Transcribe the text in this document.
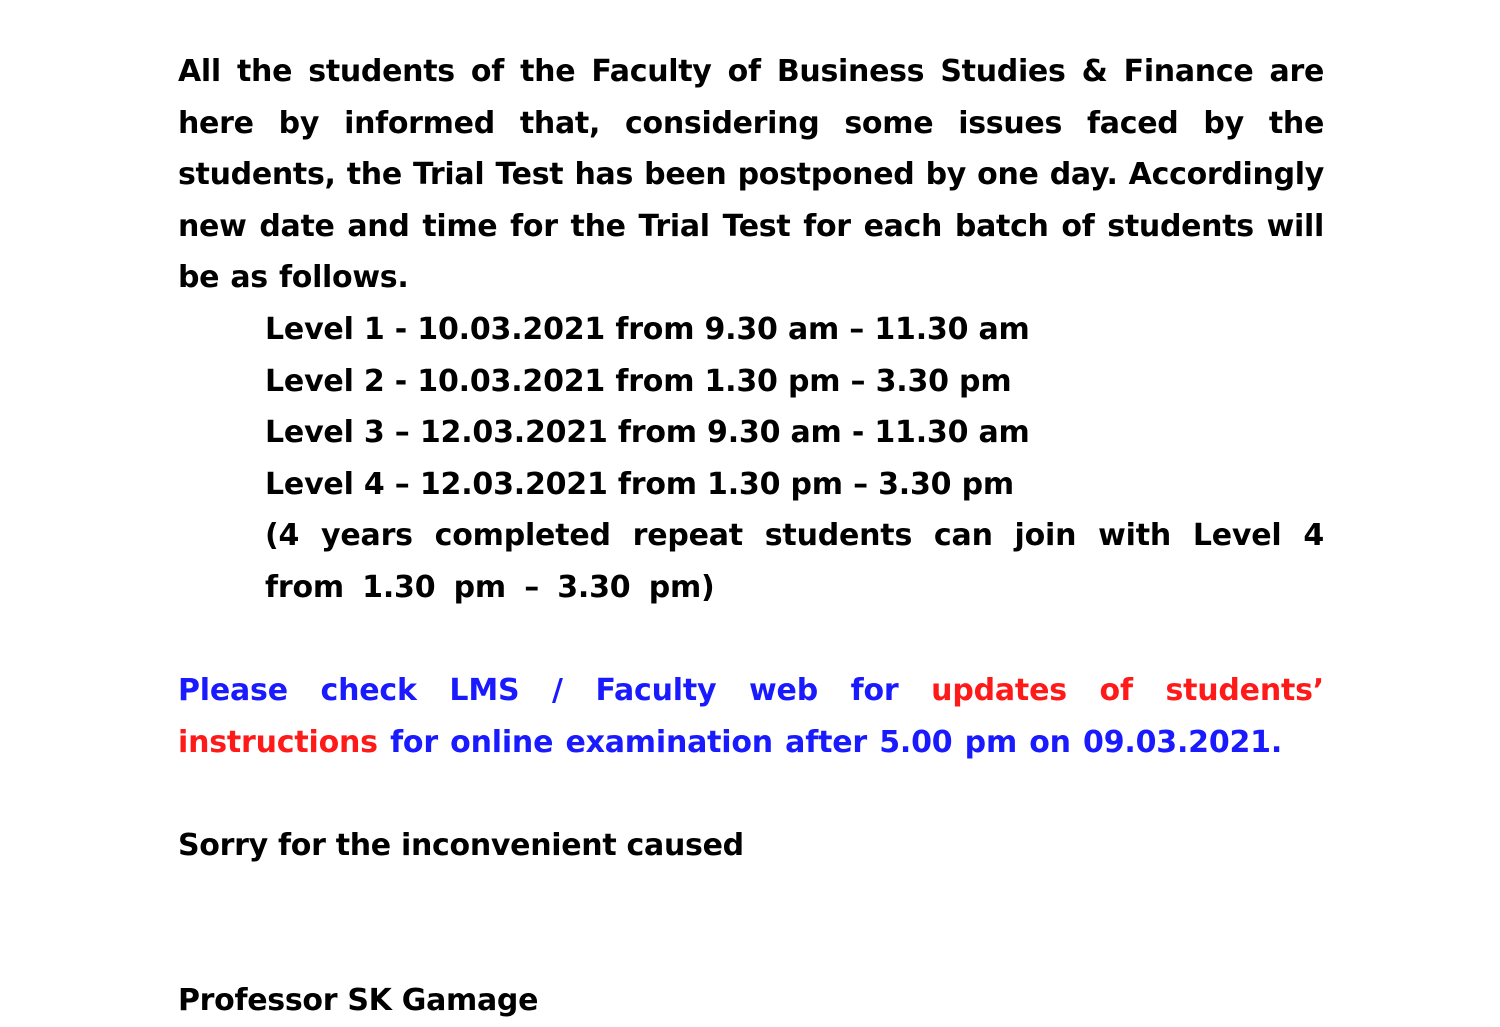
All the students of the Faculty of Business Studies & Finance are here by informed that, considering some issues faced by the students, the Trial Test has been postponed by one day. Accordingly new date and time for the Trial Test for each batch of students will be as follows.

Level 1 - 10.03.2021 from 9.30 am – 11.30 am
Level 2 - 10.03.2021 from 1.30 pm – 3.30 pm
Level 3 – 12.03.2021 from 9.30 am - 11.30 am
Level 4 – 12.03.2021 from 1.30 pm – 3.30 pm
(4 years completed repeat students can join with Level 4 from 1.30 pm – 3.30 pm)

Please check LMS / Faculty web for updates of students’ instructions for online examination after 5.00 pm on 09.03.2021.

Sorry for the inconvenient caused

Professor SK Gamage
